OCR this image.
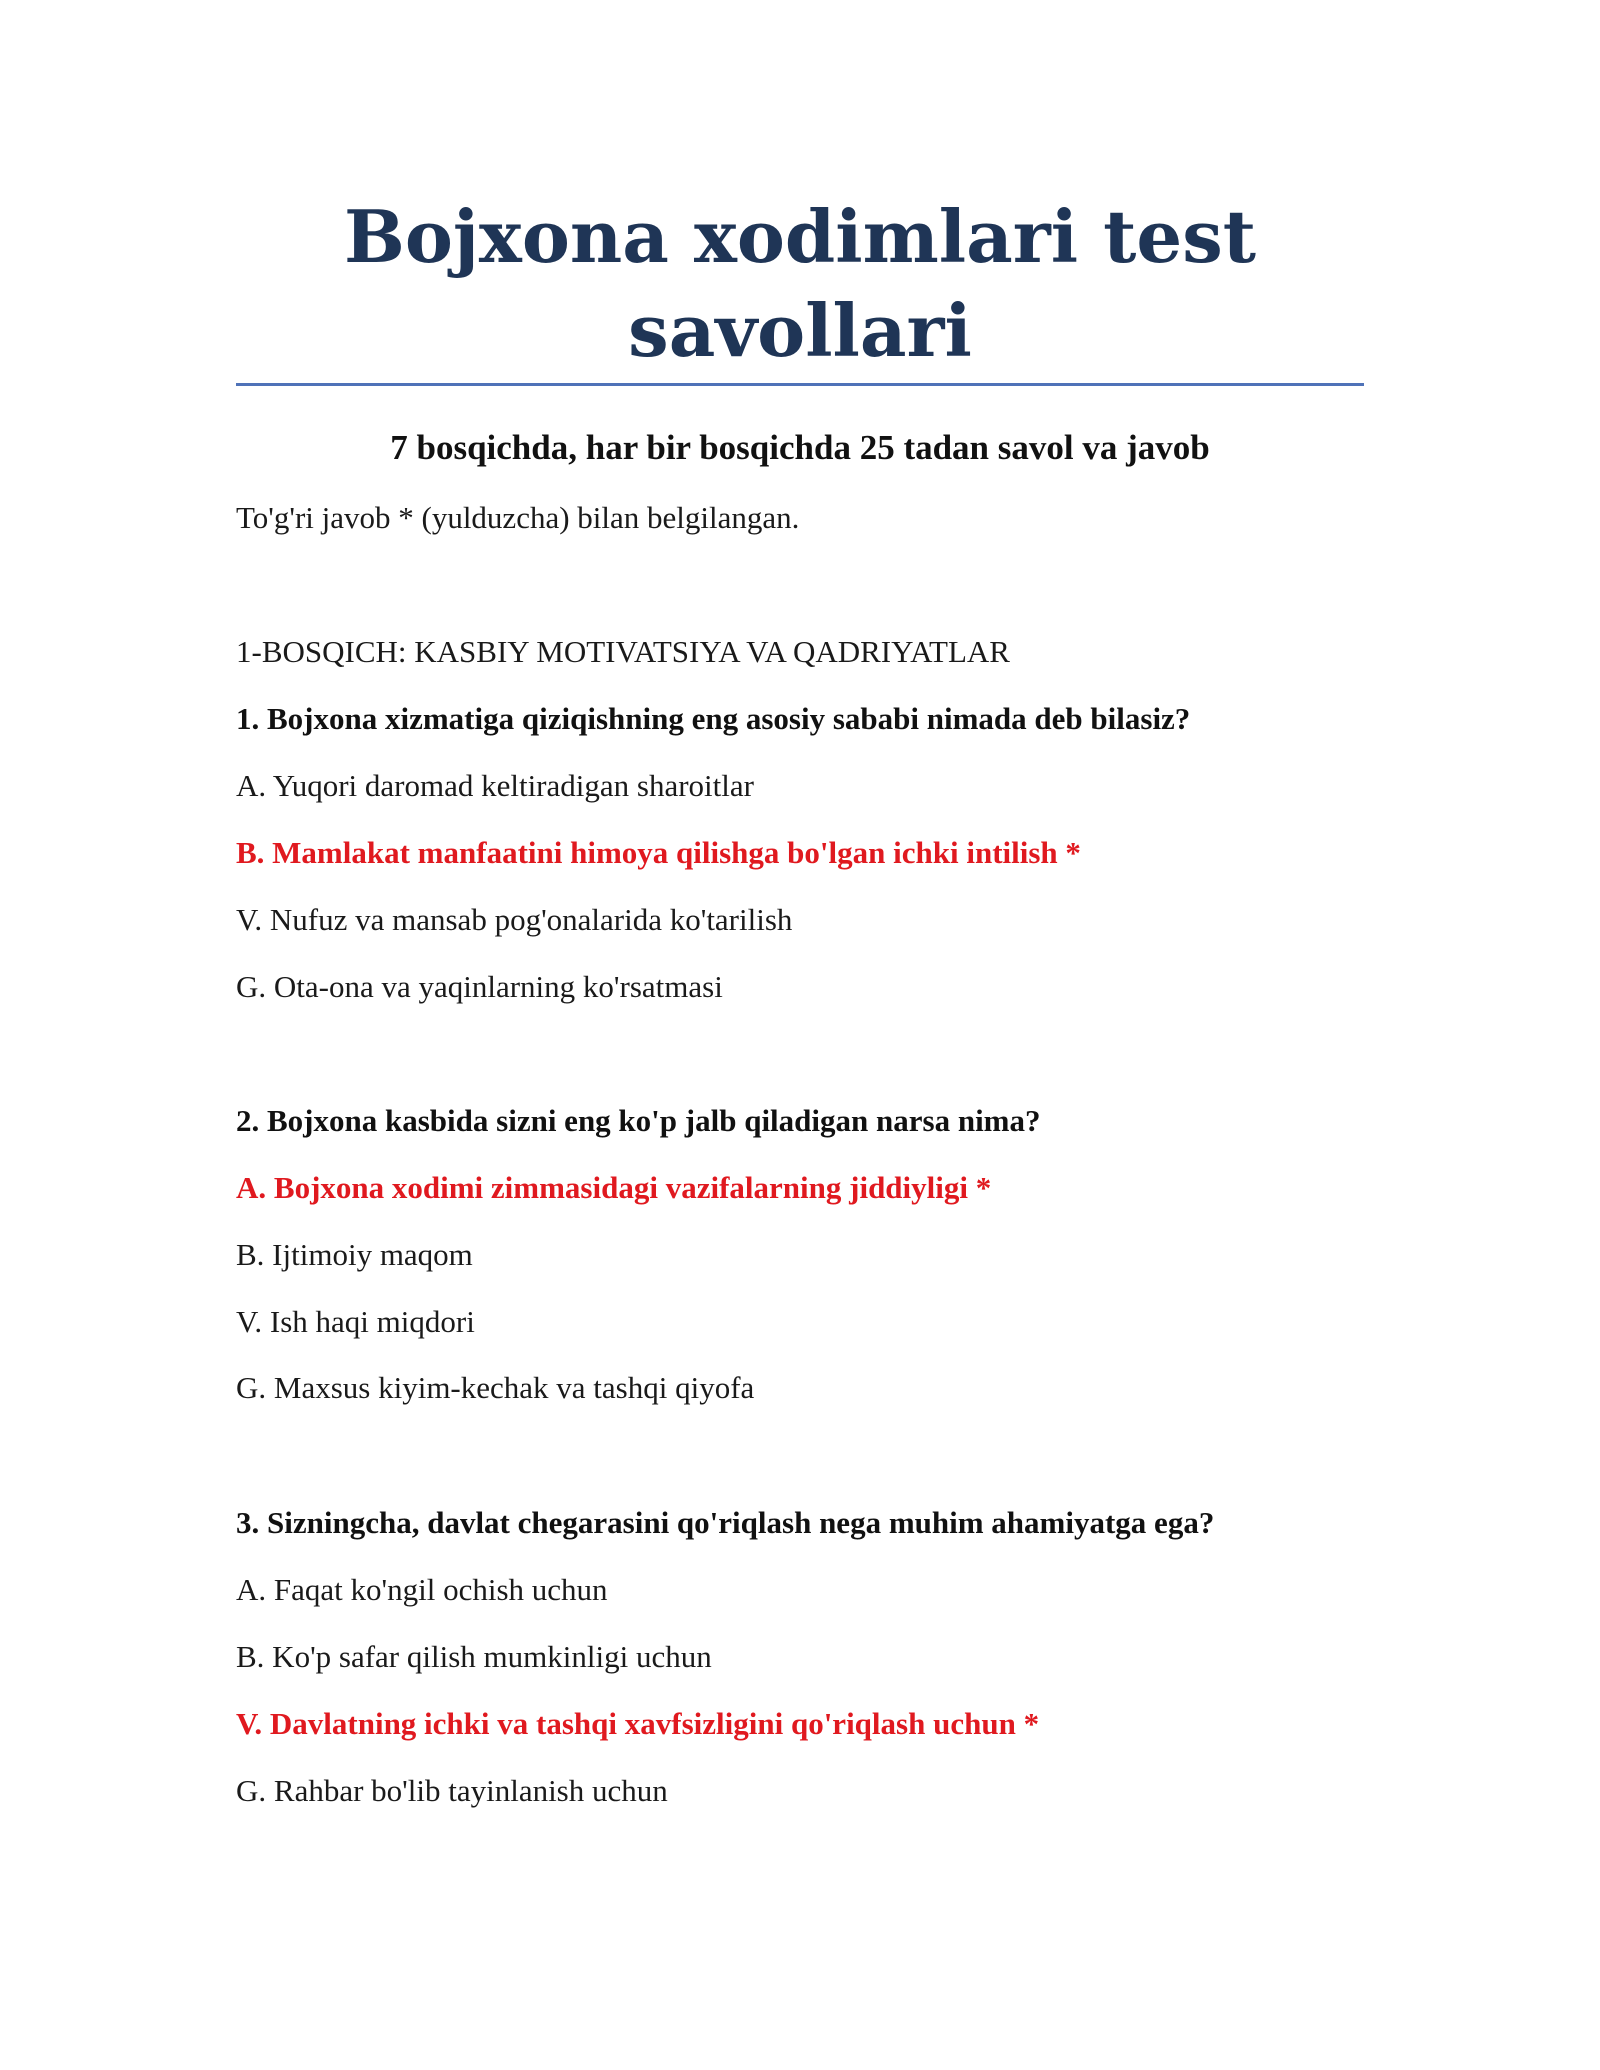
Bojxona xodimlari test savollari
7 bosqichda, har bir bosqichda 25 tadan savol va javob

To'g'ri javob * (yulduzcha) bilan belgilangan.

1-BOSQICH: KASBIY MOTIVATSIYA VA QADRIYATLAR

1. Bojxona xizmatiga qiziqishning eng asosiy sababi nimada deb bilasiz?

A. Yuqori daromad keltiradigan sharoitlar

B. Mamlakat manfaatini himoya qilishga bo'lgan ichki intilish *

V. Nufuz va mansab pog'onalarida ko'tarilish

G. Ota-ona va yaqinlarning ko'rsatmasi

2. Bojxona kasbida sizni eng ko'p jalb qiladigan narsa nima?

A. Bojxona xodimi zimmasidagi vazifalarning jiddiyligi *

B. Ijtimoiy maqom

V. Ish haqi miqdori

G. Maxsus kiyim-kechak va tashqi qiyofa

3. Sizningcha, davlat chegarasini qo'riqlash nega muhim ahamiyatga ega?

A. Faqat ko'ngil ochish uchun

B. Ko'p safar qilish mumkinligi uchun

V. Davlatning ichki va tashqi xavfsizligini qo'riqlash uchun *

G. Rahbar bo'lib tayinlanish uchun
